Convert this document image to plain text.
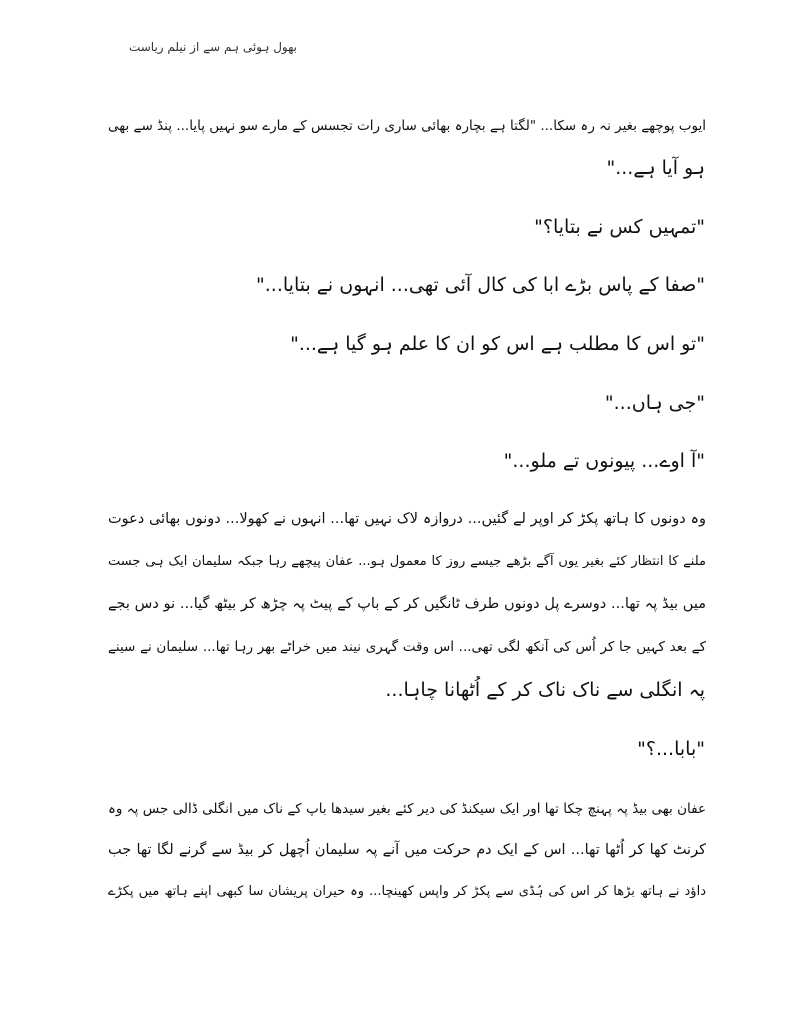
بھول ہوئی ہم سے از نیلم ریاست
ایوب پوچھے بغیر نہ رہ سکا... "لگتا ہے بچارہ بھائی ساری رات تجسس کے مارے سو نہیں پایا... پنڈ سے بھی
ہو آیا ہے..."
"تمہیں کس نے بتایا؟"
"صفا کے پاس بڑے ابا کی کال آئی تھی... انہوں نے بتایا..."
"تو اس کا مطلب ہے اس کو ان کا علم ہو گیا ہے..."
"جی ہاں..."
"آ اوے... پیونوں تے ملو..."
وہ دونوں کا ہاتھ پکڑ کر اوپر لے گئیں... دروازہ لاک نہیں تھا... انہوں نے کھولا... دونوں بھائی دعوت
ملنے کا انتظار کئے بغیر یوں آگے بڑھے جیسے روز کا معمول ہو... عفان پیچھے رہا جبکہ سلیمان ایک ہی جست
میں بیڈ پہ تھا... دوسرے پل دونوں طرف ٹانگیں کر کے باپ کے پیٹ پہ چڑھ کر بیٹھ گیا... نو دس بجے
کے بعد کہیں جا کر اُس کی آنکھ لگی تھی... اس وقت گہری نیند میں خراٹے بھر رہا تھا... سلیمان نے سینے
پہ انگلی سے ناک ناک کر کے اُٹھانا چاہا...
"بابا...؟"
عفان بھی بیڈ پہ پہنچ چکا تھا اور ایک سیکنڈ کی دیر کئے بغیر سیدھا باپ کے ناک میں انگلی ڈالی جس پہ وہ
کرنٹ کھا کر اُٹھا تھا... اس کے ایک دم حرکت میں آنے پہ سلیمان اُچھل کر بیڈ سے گرنے لگا تھا جب
داؤد نے ہاتھ بڑھا کر اس کی ہُڈی سے پکڑ کر واپس کھینچا... وہ حیران پریشان سا کبھی اپنے ہاتھ میں پکڑے
